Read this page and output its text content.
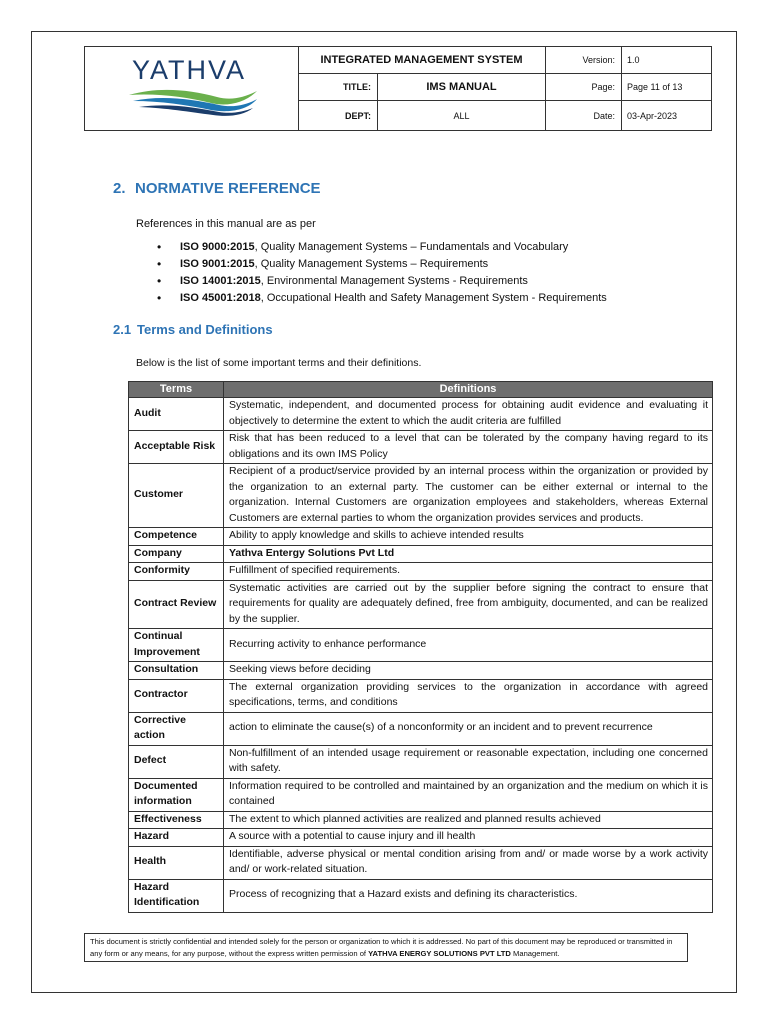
YATHVA	INTEGRATED MANAGEMENT SYSTEM	Version:	1.0
TITLE:	IMS MANUAL	Page:	Page 11 of 13
DEPT:	ALL	Date:	03-Apr-2023
2. NORMATIVE REFERENCE
References in this manual are as per
• ISO 9000:2015, Quality Management Systems – Fundamentals and Vocabulary
• ISO 9001:2015, Quality Management Systems – Requirements
• ISO 14001:2015, Environmental Management Systems - Requirements
• ISO 45001:2018, Occupational Health and Safety Management System - Requirements
2.1 Terms and Definitions
Below is the list of some important terms and their definitions.
Terms	Definitions
Audit	Systematic, independent, and documented process for obtaining audit evidence and evaluating it objectively to determine the extent to which the audit criteria are fulfilled
Acceptable Risk	Risk that has been reduced to a level that can be tolerated by the company having regard to its obligations and its own IMS Policy
Customer	Recipient of a product/service provided by an internal process within the organization or provided by the organization to an external party. The customer can be either external or internal to the organization. Internal Customers are organization employees and stakeholders, whereas External Customers are external parties to whom the organization provides services and products.
Competence	Ability to apply knowledge and skills to achieve intended results
Company	Yathva Entergy Solutions Pvt Ltd
Conformity	Fulfillment of specified requirements.
Contract Review	Systematic activities are carried out by the supplier before signing the contract to ensure that requirements for quality are adequately defined, free from ambiguity, documented, and can be realized by the supplier.
Continual Improvement	Recurring activity to enhance performance
Consultation	Seeking views before deciding
Contractor	The external organization providing services to the organization in accordance with agreed specifications, terms, and conditions
Corrective action	action to eliminate the cause(s) of a nonconformity or an incident and to prevent recurrence
Defect	Non-fulfillment of an intended usage requirement or reasonable expectation, including one concerned with safety.
Documented information	Information required to be controlled and maintained by an organization and the medium on which it is contained
Effectiveness	The extent to which planned activities are realized and planned results achieved
Hazard	A source with a potential to cause injury and ill health
Health	Identifiable, adverse physical or mental condition arising from and/ or made worse by a work activity and/ or work-related situation.
Hazard Identification	Process of recognizing that a Hazard exists and defining its characteristics.
This document is strictly confidential and intended solely for the person or organization to which it is addressed. No part of this document may be reproduced or transmitted in any form or any means, for any purpose, without the express written permission of YATHVA ENERGY SOLUTIONS PVT LTD Management.
